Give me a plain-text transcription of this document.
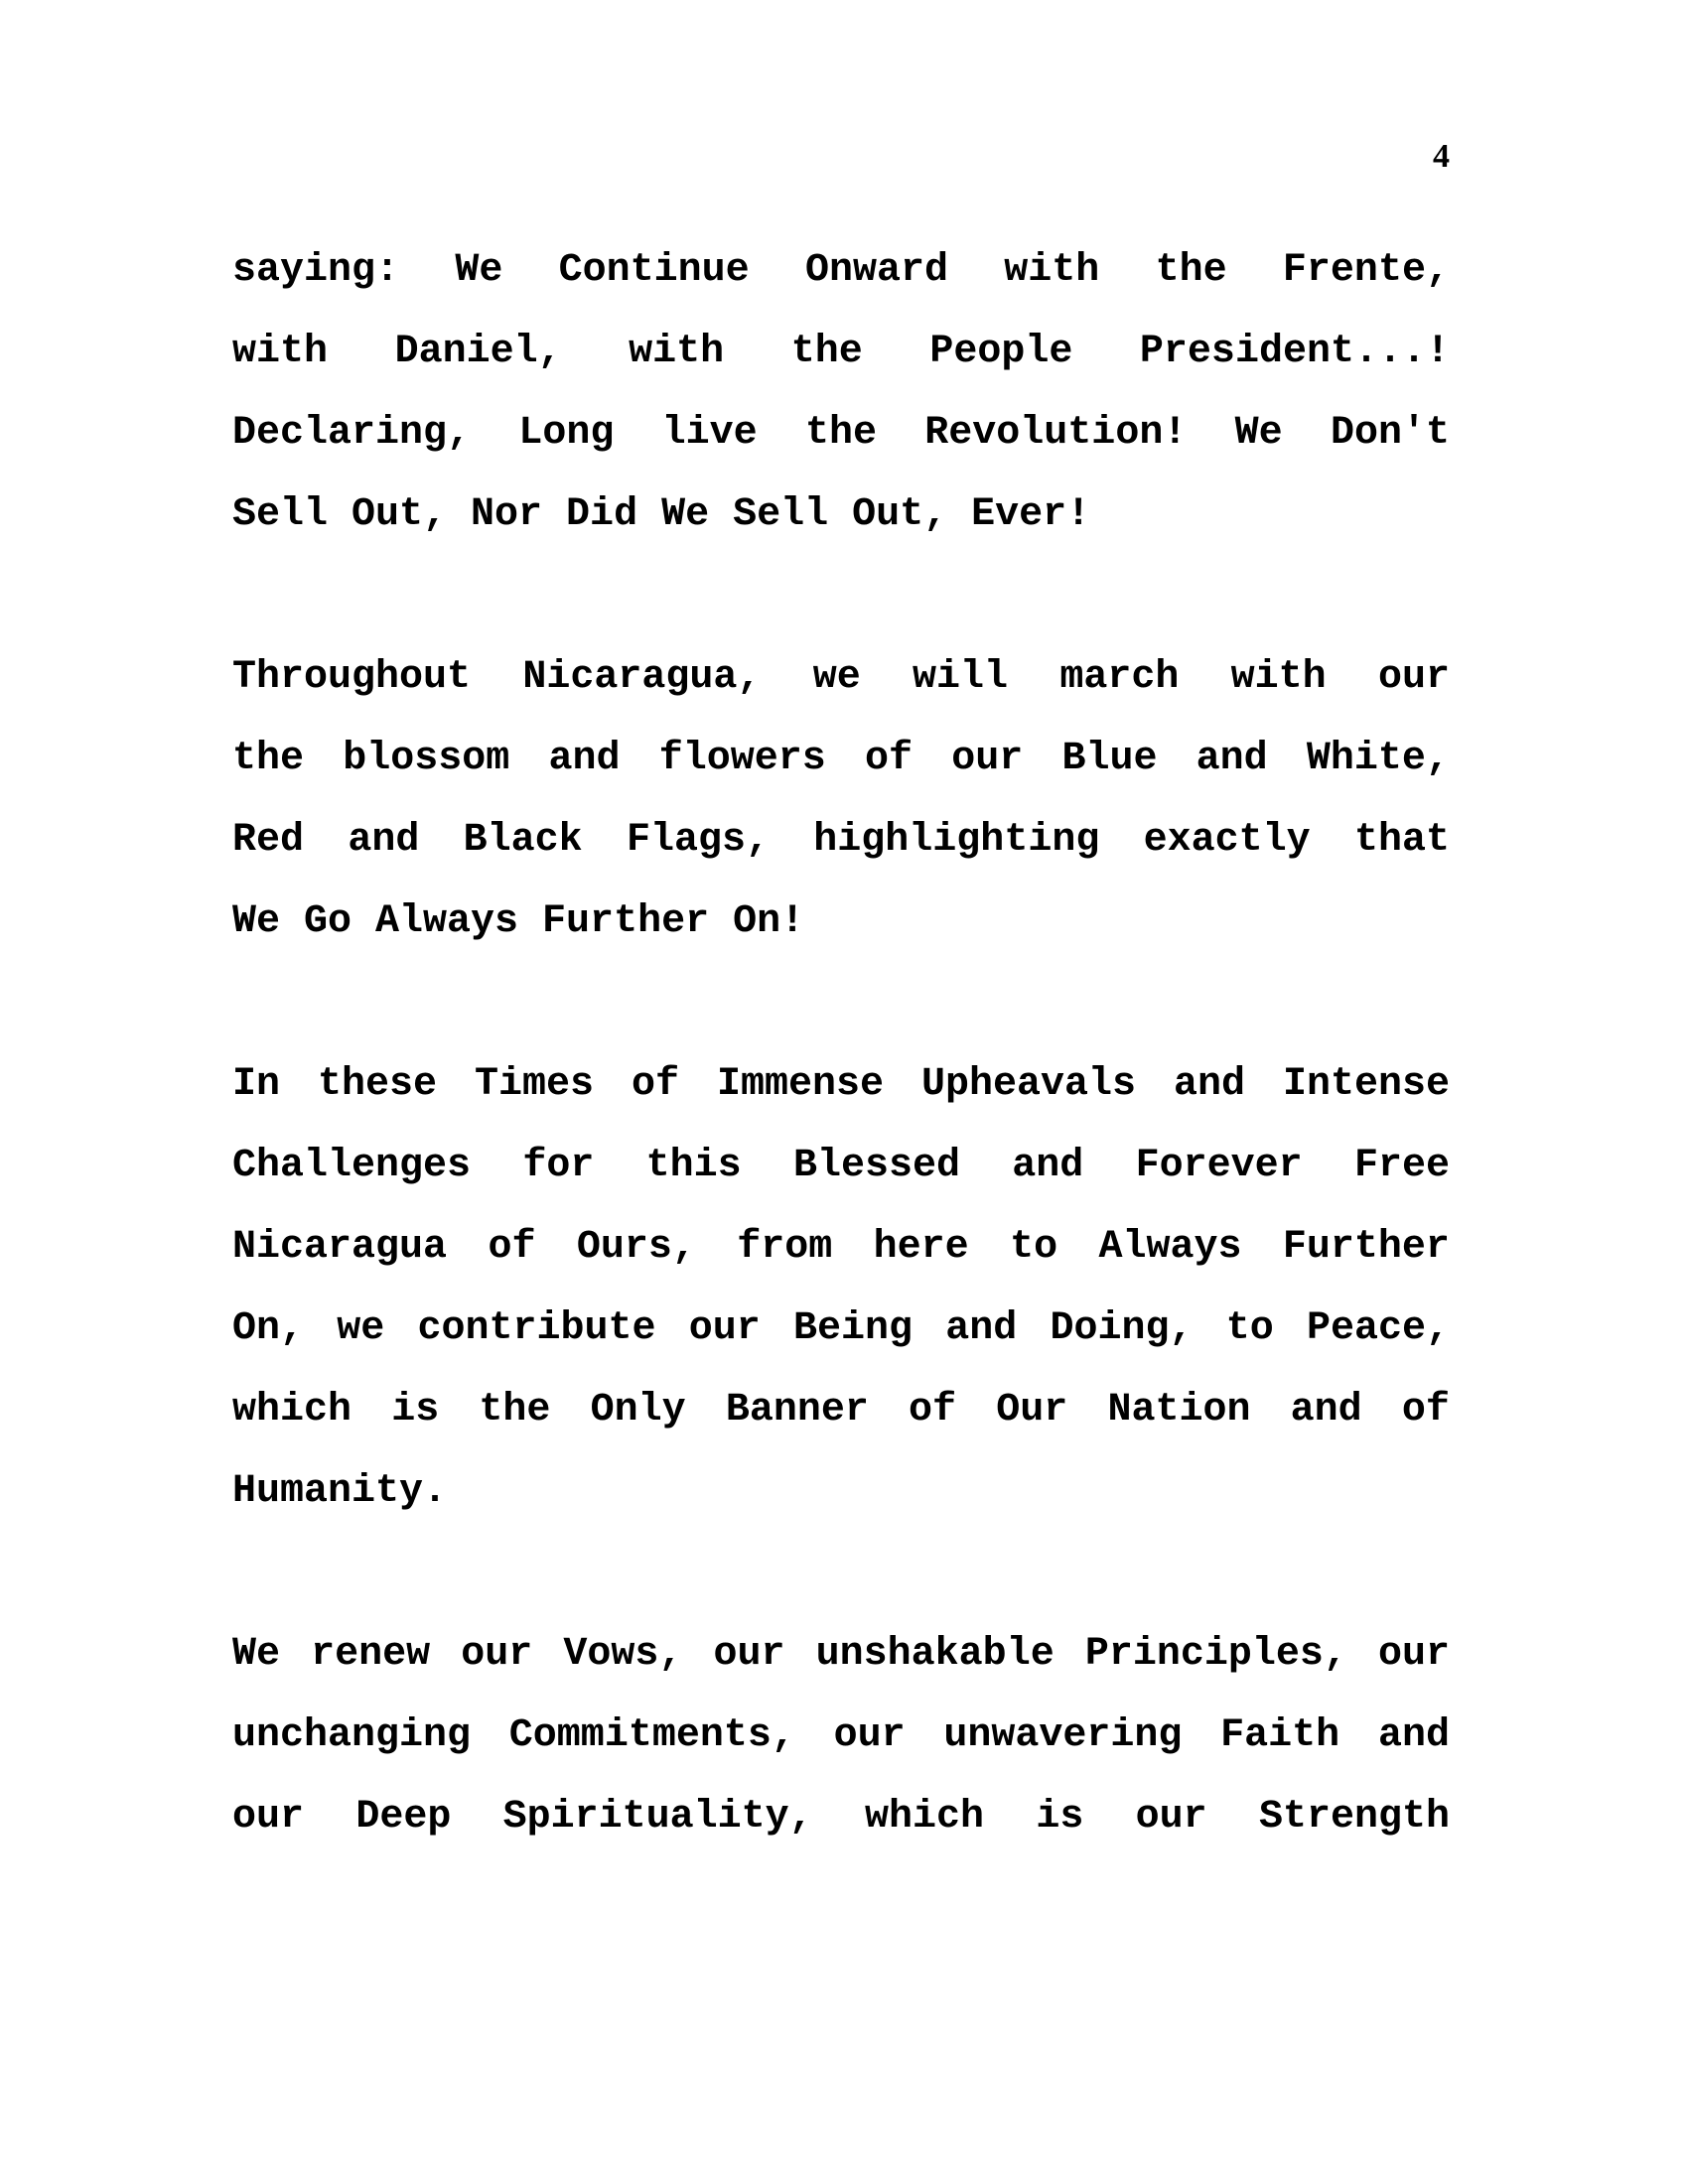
4
saying: We Continue Onward with the Frente,
with Daniel, with the People President...!
Declaring, Long live the Revolution! We Don't
Sell Out, Nor Did We Sell Out, Ever!
Throughout Nicaragua, we will march with our
the blossom and flowers of our Blue and White,
Red and Black Flags, highlighting exactly that
We Go Always Further On!
In these Times of Immense Upheavals and Intense
Challenges for this Blessed and Forever Free
Nicaragua of Ours, from here to Always Further
On, we contribute our Being and Doing, to Peace,
which is the Only Banner of Our Nation and of
Humanity.
We renew our Vows, our unshakable Principles, our
unchanging Commitments, our unwavering Faith and
our Deep Spirituality, which is our Strength
